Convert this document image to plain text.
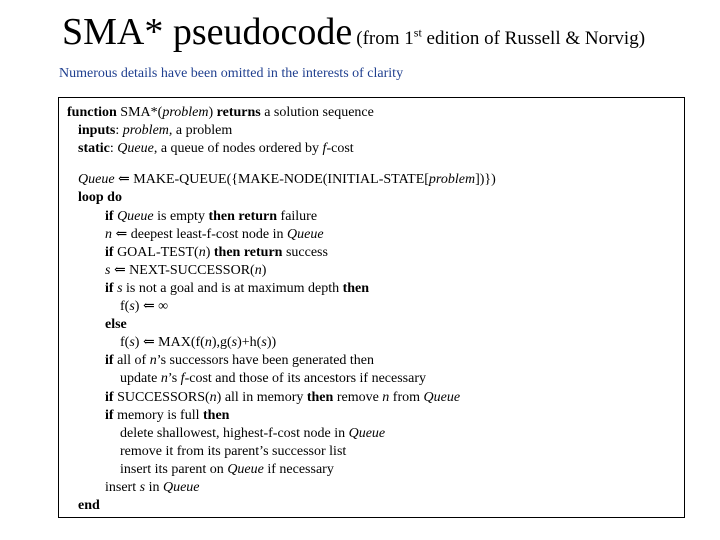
SMA* pseudocode (from 1st edition of Russell & Norvig)
Numerous details have been omitted in the interests of clarity
function SMA*(problem) returns a solution sequence
inputs: problem, a problem
static: Queue, a queue of nodes ordered by f-cost
Queue ⇐ MAKE-QUEUE({MAKE-NODE(INITIAL-STATE[problem])})
loop do
if Queue is empty then return failure
n ⇐ deepest least-f-cost node in Queue
if GOAL-TEST(n) then return success
s ⇐ NEXT-SUCCESSOR(n)
if s is not a goal and is at maximum depth then
f(s) ⇐ ∞
else
f(s) ⇐ MAX(f(n),g(s)+h(s))
if all of n’s successors have been generated then
update n’s f-cost and those of its ancestors if necessary
if SUCCESSORS(n) all in memory then remove n from Queue
if memory is full then
delete shallowest, highest-f-cost node in Queue
remove it from its parent’s successor list
insert its parent on Queue if necessary
insert s in Queue
end
